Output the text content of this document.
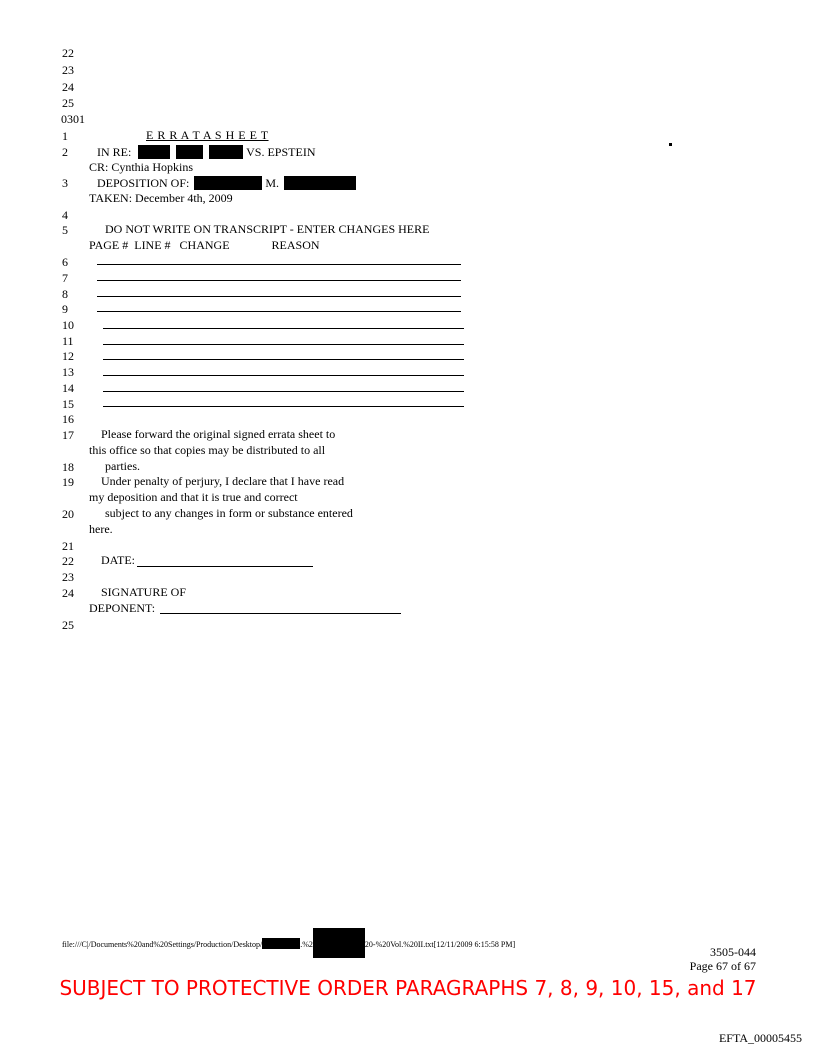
22
23
24
25
0301
1	E R R A T A S H E E T
2 IN RE:	VS. EPSTEIN
CR: Cynthia Hopkins
3 DEPOSITION OF:	M.
TAKEN: December 4th, 2009
4
5	DO NOT WRITE ON TRANSCRIPT - ENTER CHANGES HERE
PAGE #  LINE #   CHANGE              REASON
6
7
8
9
10
11
12
13
14
15
16
17 Please forward the original signed errata sheet to
this office so that copies may be distributed to all
18	parties.
19 Under penalty of perjury, I declare that I have read
my deposition and that it is true and correct
20	subject to any changes in form or substance entered
here.
21
22 DATE:
23
24 SIGNATURE OF
DEPONENT:
25
file:///C|/Documents%20and%20Settings/Production/Desktop/	.%2	20-%20Vol.%20II.txt[12/11/2009 6:15:58 PM]
3505-044
Page 67 of 67
SUBJECT TO PROTECTIVE ORDER PARAGRAPHS 7, 8, 9, 10, 15, and 17
EFTA_00005455
